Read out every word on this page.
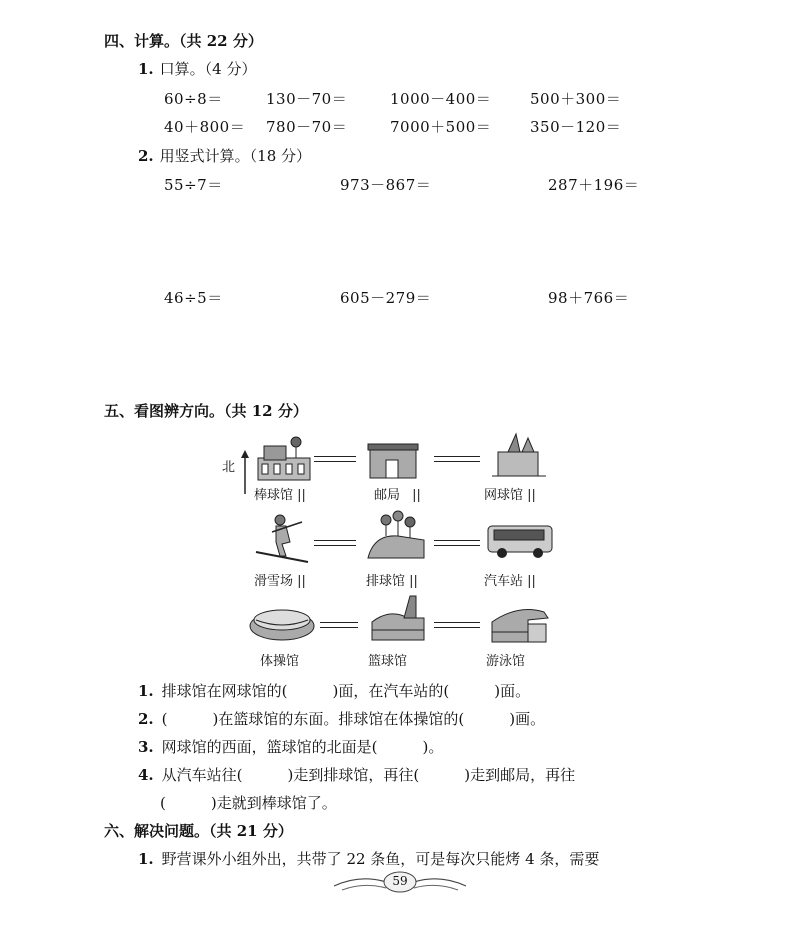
四、计算。（共 22 分）
1. 口算。（4 分）
60÷8＝	130－70＝	1000－400＝	500＋300＝
40＋800＝ 780－70＝	7000＋500＝	350－120＝
2. 用竖式计算。（18 分）
55÷7＝	973－867＝	287＋196＝
46÷5＝	605－279＝	98＋766＝
五、看图辨方向。（共 12 分）
北
棒球馆 ||	邮局 ||	网球馆 ||
滑雪场 ||	排球馆 ||	汽车站 ||
体操馆	篮球馆	游泳馆
1. 排球馆在网球馆的(　　　)面，在汽车站的(　　　)面。
2. (　　　)在篮球馆的东面。排球馆在体操馆的(　　　)画。
3. 网球馆的西面，篮球馆的北面是(　　　)。
4. 从汽车站往(　　　)走到排球馆，再往(　　　)走到邮局，再往
(　　　)走就到棒球馆了。
六、解决问题。（共 21 分）
1. 野营课外小组外出，共带了 22 条鱼，可是每次只能烤 4 条，需要
59
